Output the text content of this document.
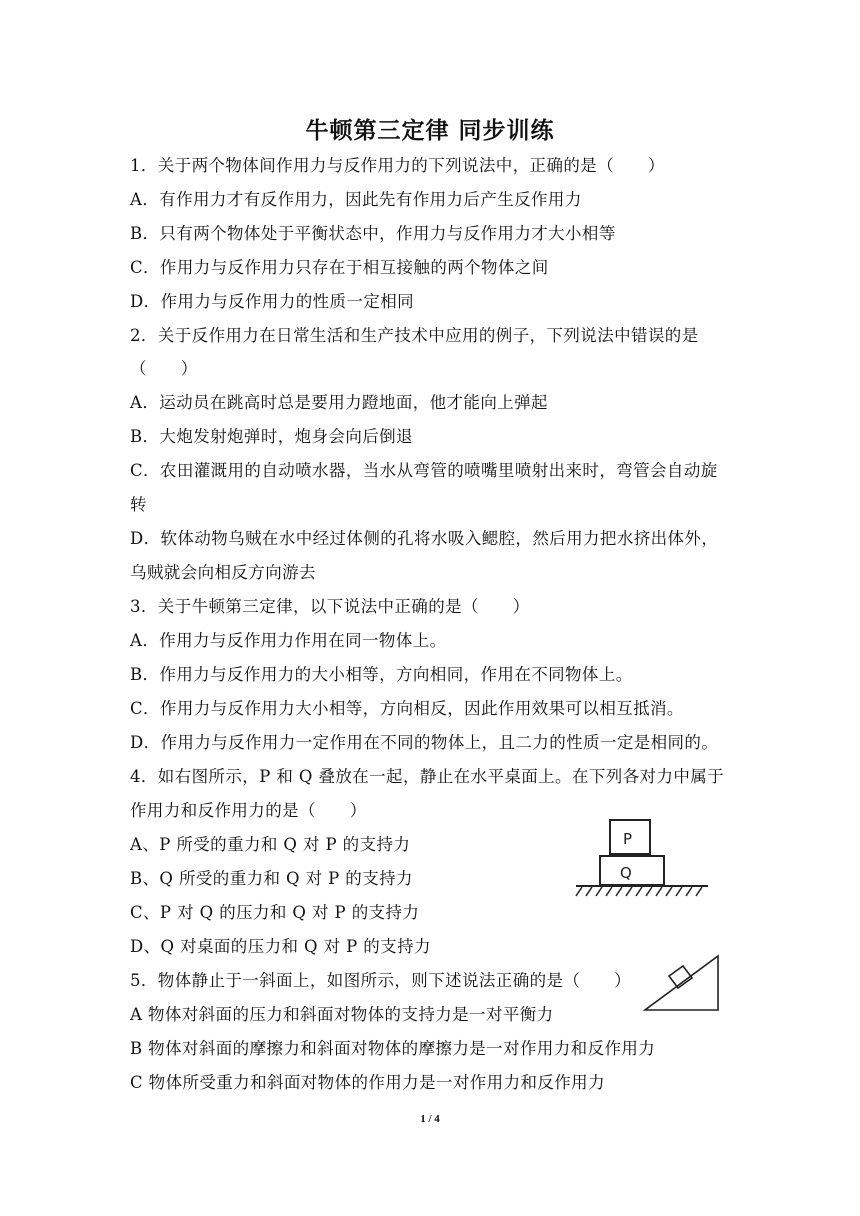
牛顿第三定律 同步训练
1．关于两个物体间作用力与反作用力的下列说法中，正确的是（　　）
A．有作用力才有反作用力，因此先有作用力后产生反作用力
B．只有两个物体处于平衡状态中，作用力与反作用力才大小相等
C．作用力与反作用力只存在于相互接触的两个物体之间
D．作用力与反作用力的性质一定相同
2．关于反作用力在日常生活和生产技术中应用的例子，下列说法中错误的是
（　　）
A．运动员在跳高时总是要用力蹬地面，他才能向上弹起
B．大炮发射炮弹时，炮身会向后倒退
C．农田灌溉用的自动喷水器，当水从弯管的喷嘴里喷射出来时，弯管会自动旋
转
D．软体动物乌贼在水中经过体侧的孔将水吸入鳃腔，然后用力把水挤出体外，
乌贼就会向相反方向游去
3．关于牛顿第三定律，以下说法中正确的是（　　）
A．作用力与反作用力作用在同一物体上。
B．作用力与反作用力的大小相等，方向相同，作用在不同物体上。
C．作用力与反作用力大小相等，方向相反，因此作用效果可以相互抵消。
D．作用力与反作用力一定作用在不同的物体上，且二力的性质一定是相同的。
4．如右图所示，P 和 Q 叠放在一起，静止在水平桌面上。在下列各对力中属于
作用力和反作用力的是（　　）
A、P 所受的重力和 Q 对 P 的支持力
B、Q 所受的重力和 Q 对 P 的支持力
C、P 对 Q 的压力和 Q 对 P 的支持力
D、Q 对桌面的压力和 Q 对 P 的支持力
P
Q
5．物体静止于一斜面上，如图所示，则下述说法正确的是（　　）
A 物体对斜面的压力和斜面对物体的支持力是一对平衡力
B 物体对斜面的摩擦力和斜面对物体的摩擦力是一对作用力和反作用力
C 物体所受重力和斜面对物体的作用力是一对作用力和反作用力
1 / 4
